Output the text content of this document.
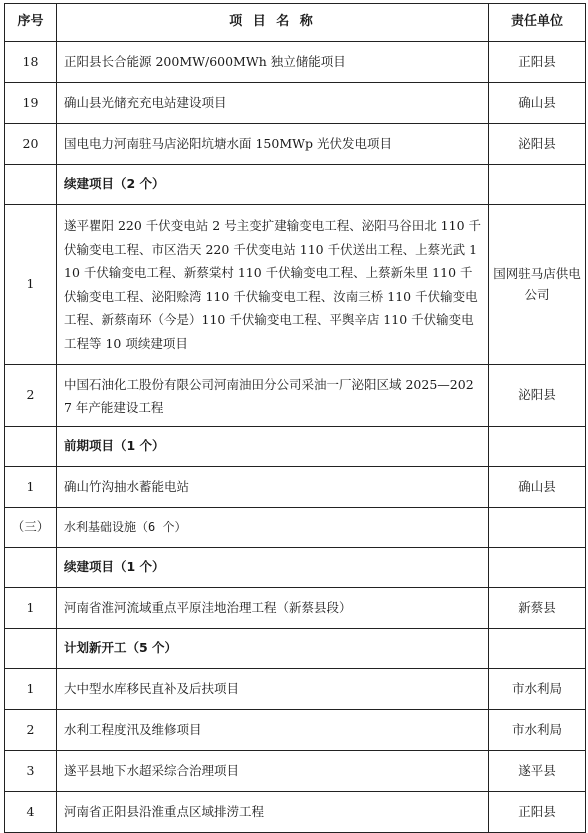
序号	项 目 名 称	责任单位
18	正阳县长合能源 200MW/600MWh 独立储能项目	正阳县
19	确山县光储充充电站建设项目	确山县
20	国电电力河南驻马店泌阳坑塘水面 150MWp 光伏发电项目	泌阳县
	续建项目（2 个）	
1	遂平瞿阳 220 千伏变电站 2 号主变扩建输变电工程、泌阳马谷田北 110 千伏输变电工程、市区浩天 220 千伏变电站 110 千伏送出工程、上蔡光武 110 千伏输变电工程、新蔡棠村 110 千伏输变电工程、上蔡新朱里 110 千伏输变电工程、泌阳赊湾 110 千伏输变电工程、汝南三桥 110 千伏输变电工程、新蔡南环（今是）110 千伏输变电工程、平舆辛店 110 千伏输变电工程等 10 项续建项目	国网驻马店供电公司
2	中国石油化工股份有限公司河南油田分公司采油一厂泌阳区域 2025—2027 年产能建设工程	泌阳县
	前期项目（1 个）	
1	确山竹沟抽水蓄能电站	确山县
（三）	水利基础设施（6 个）	
	续建项目（1 个）	
1	河南省淮河流域重点平原洼地治理工程（新蔡县段）	新蔡县
	计划新开工（5 个）	
1	大中型水库移民直补及后扶项目	市水利局
2	水利工程度汛及维修项目	市水利局
3	遂平县地下水超采综合治理项目	遂平县
4	河南省正阳县沿淮重点区域排涝工程	正阳县
